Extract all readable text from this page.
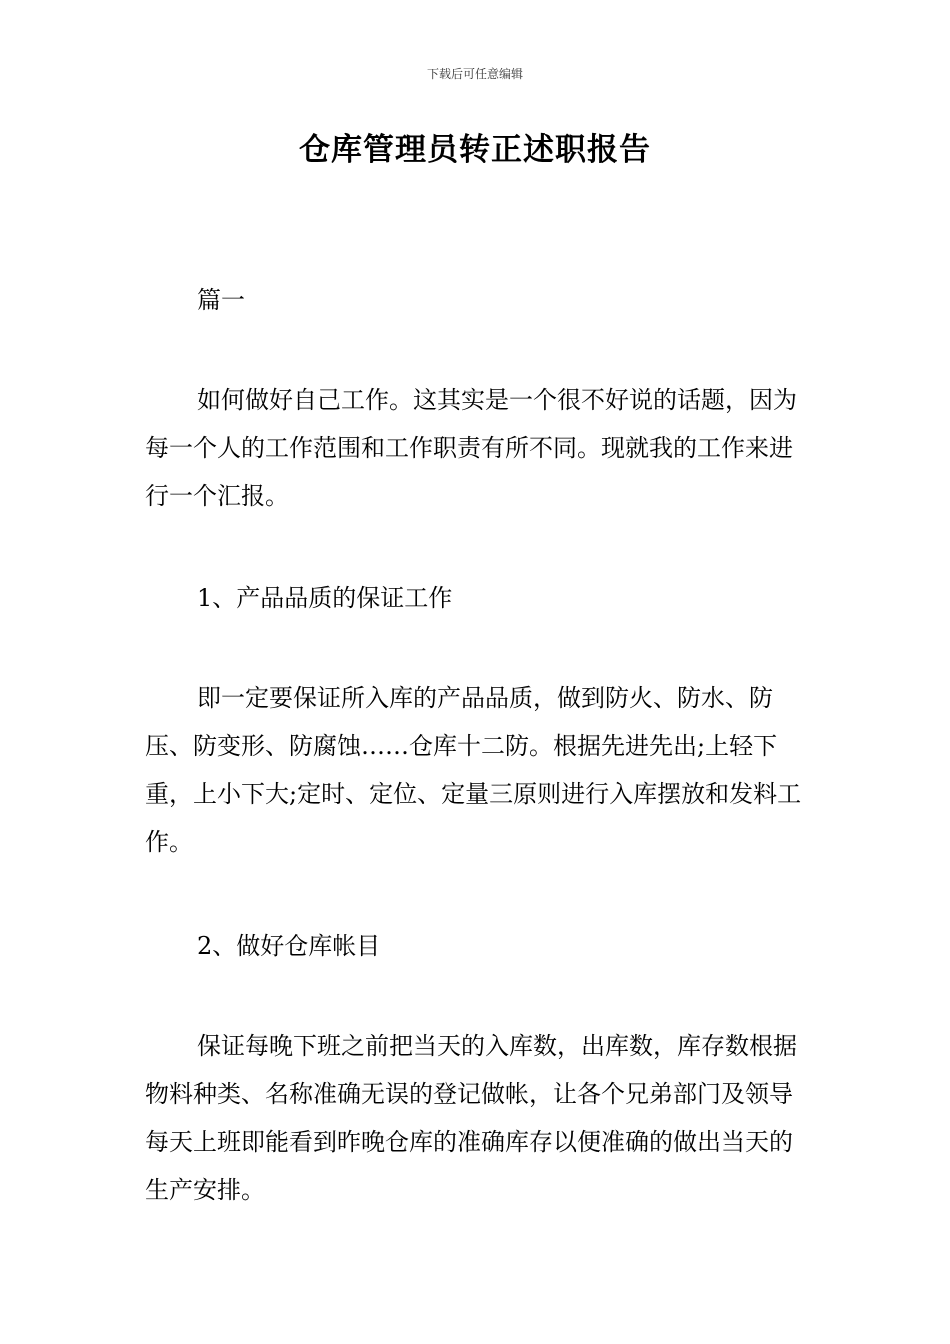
下载后可任意编辑
仓库管理员转正述职报告

篇一

如何做好自己工作。这其实是一个很不好说的话题，因为每一个人的工作范围和工作职责有所不同。现就我的工作来进行一个汇报。

1、产品品质的保证工作

即一定要保证所入库的产品品质，做到防火、防水、防压、防变形、防腐蚀……仓库十二防。根据先进先出;上轻下重，上小下大;定时、定位、定量三原则进行入库摆放和发料工作。

2、做好仓库帐目

保证每晚下班之前把当天的入库数，出库数，库存数根据物料种类、名称准确无误的登记做帐，让各个兄弟部门及领导每天上班即能看到昨晚仓库的准确库存以便准确的做出当天的生产安排。
